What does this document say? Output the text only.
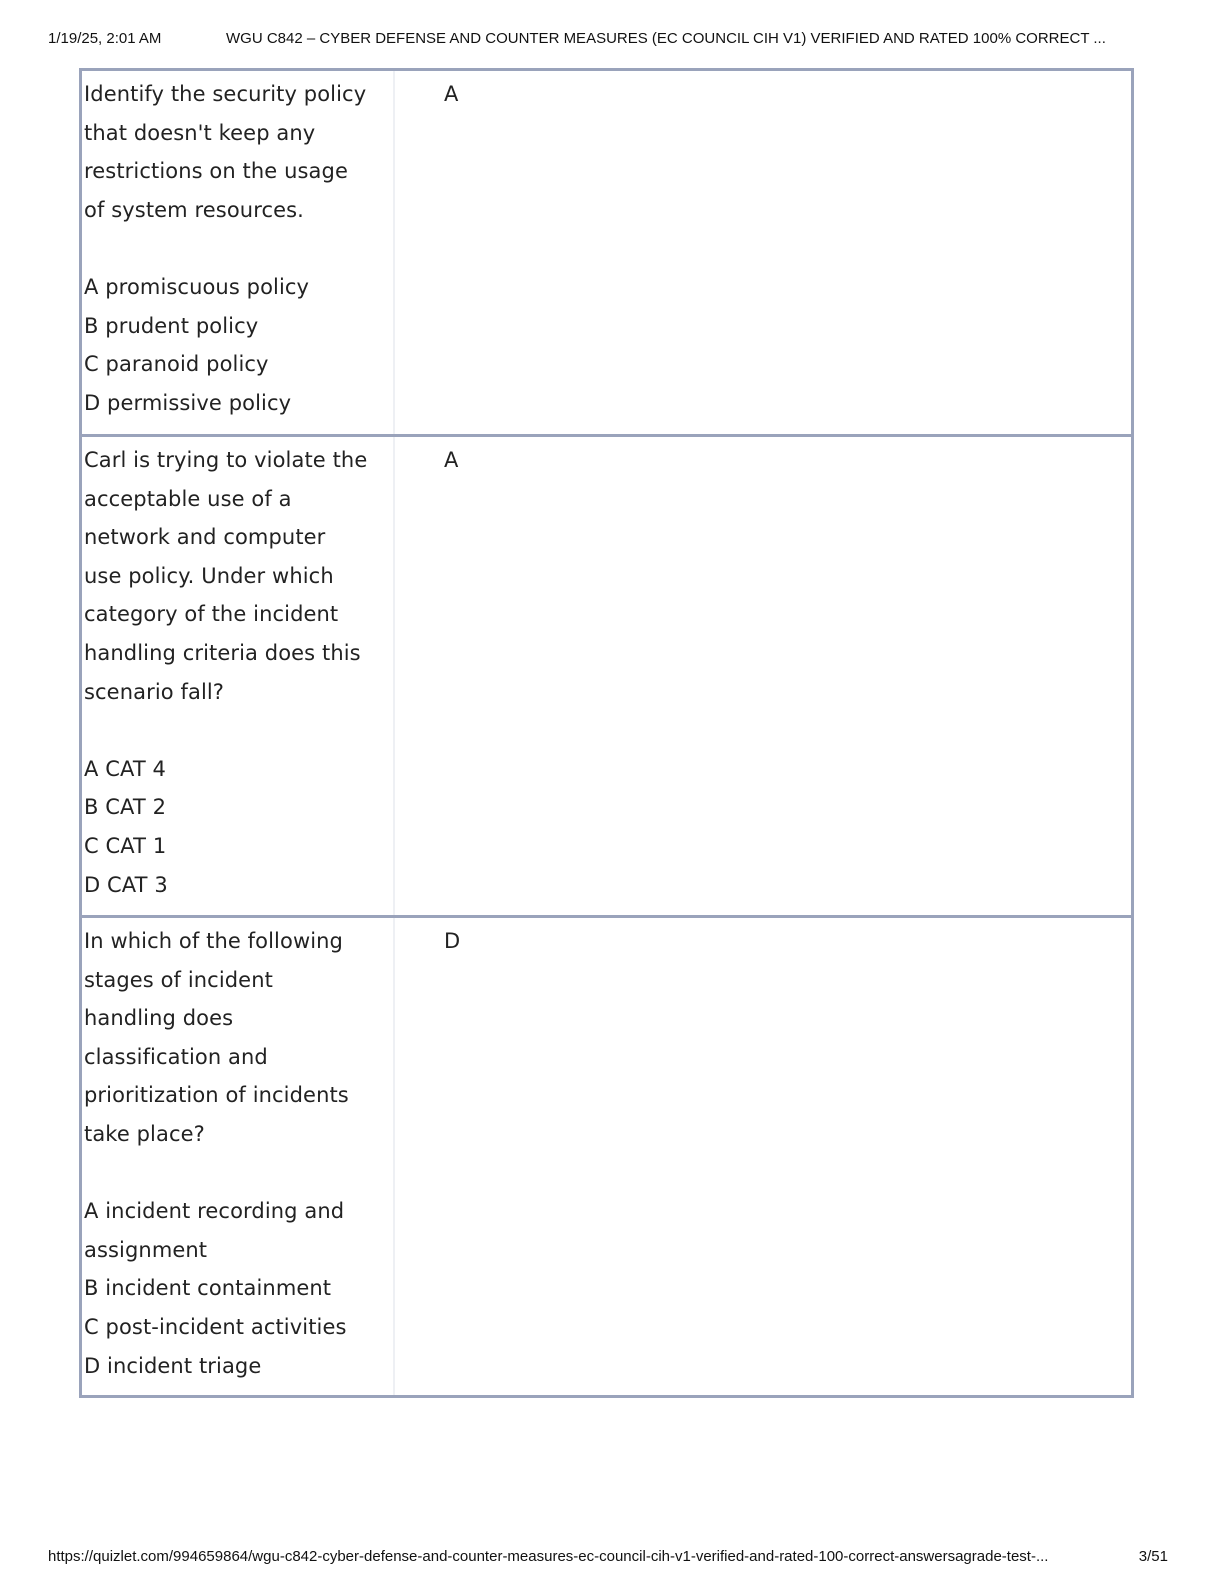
1/19/25, 2:01 AM	WGU C842 – CYBER DEFENSE AND COUNTER MEASURES (EC COUNCIL CIH V1) VERIFIED AND RATED 100% CORRECT ...
Identify the security policy
that doesn't keep any
restrictions on the usage
of system resources.
A promiscuous policy
B prudent policy
C paranoid policy
D permissive policy
A
Carl is trying to violate the
acceptable use of a
network and computer
use policy. Under which
category of the incident
handling criteria does this
scenario fall?
A CAT 4
B CAT 2
C CAT 1
D CAT 3
A
In which of the following
stages of incident
handling does
classification and
prioritization of incidents
take place?
A incident recording and
assignment
B incident containment
C post-incident activities
D incident triage
D
https://quizlet.com/994659864/wgu-c842-cyber-defense-and-counter-measures-ec-council-cih-v1-verified-and-rated-100-correct-answersagrade-test-...	3/51
